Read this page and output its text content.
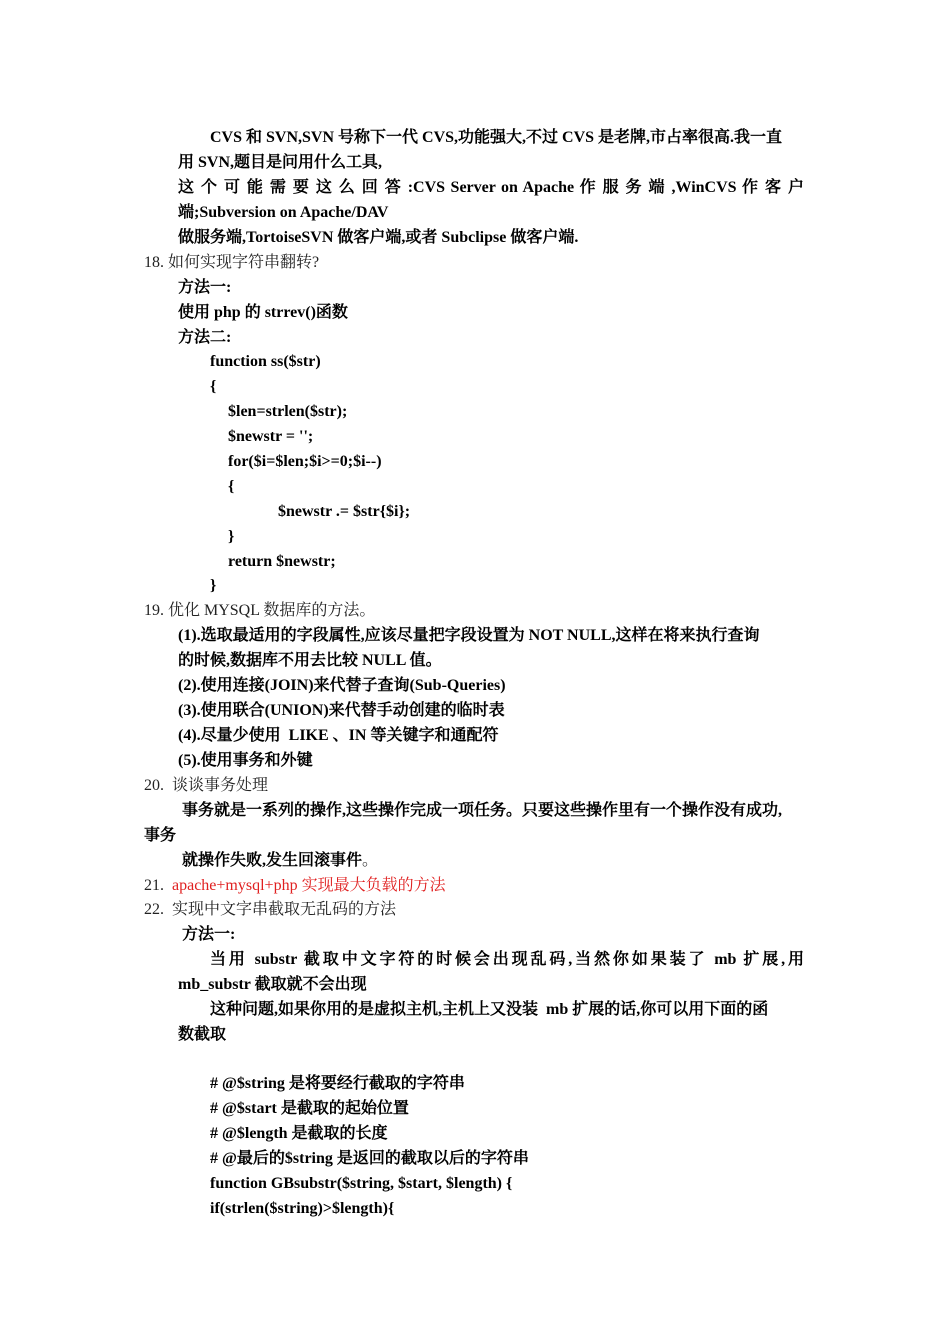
CVS 和 SVN,SVN 号称下一代 CVS,功能强大,不过 CVS 是老牌,市占率很高.我一直
用 SVN,题目是问用什么工具,
这 个 可 能 需 要 这 么 回 答 :CVS Server on Apache 作 服 务 端 ,WinCVS 作 客 户
端;Subversion on Apache/DAV
做服务端,TortoiseSVN 做客户端,或者 Subclipse 做客户端.
18. 如何实现字符串翻转?
方法一:
使用 php 的 strrev()函数
方法二:
function ss($str)
{
$len=strlen($str);
$newstr = '';
for($i=$len;$i>=0;$i--)
{
$newstr .= $str{$i};
}
return $newstr;
}
19. 优化 MYSQL 数据库的方法。
(1).选取最适用的字段属性,应该尽量把字段设置为 NOT NULL,这样在将来执行查询
的时候,数据库不用去比较 NULL 值。
(2).使用连接(JOIN)来代替子查询(Sub-Queries)
(3).使用联合(UNION)来代替手动创建的临时表
(4).尽量少使用  LIKE 、IN 等关键字和通配符
(5).使用事务和外键
20.  谈谈事务处理
事务就是一系列的操作,这些操作完成一项任务。只要这些操作里有一个操作没有成功,
事务
就操作失败,发生回滚事件。
21. apache+mysql+php 实现最大负载的方法
22.  实现中文字串截取无乱码的方法
方法一:
当用 substr 截取中文字符的时候会出现乱码,当然你如果装了 mb 扩展,用
mb_substr 截取就不会出现
这种问题,如果你用的是虚拟主机,主机上又没装  mb 扩展的话,你可以用下面的函
数截取
# @$string 是将要经行截取的字符串
# @$start 是截取的起始位置
# @$length 是截取的长度
# @最后的$string 是返回的截取以后的字符串
function GBsubstr($string, $start, $length) {
if(strlen($string)>$length){
